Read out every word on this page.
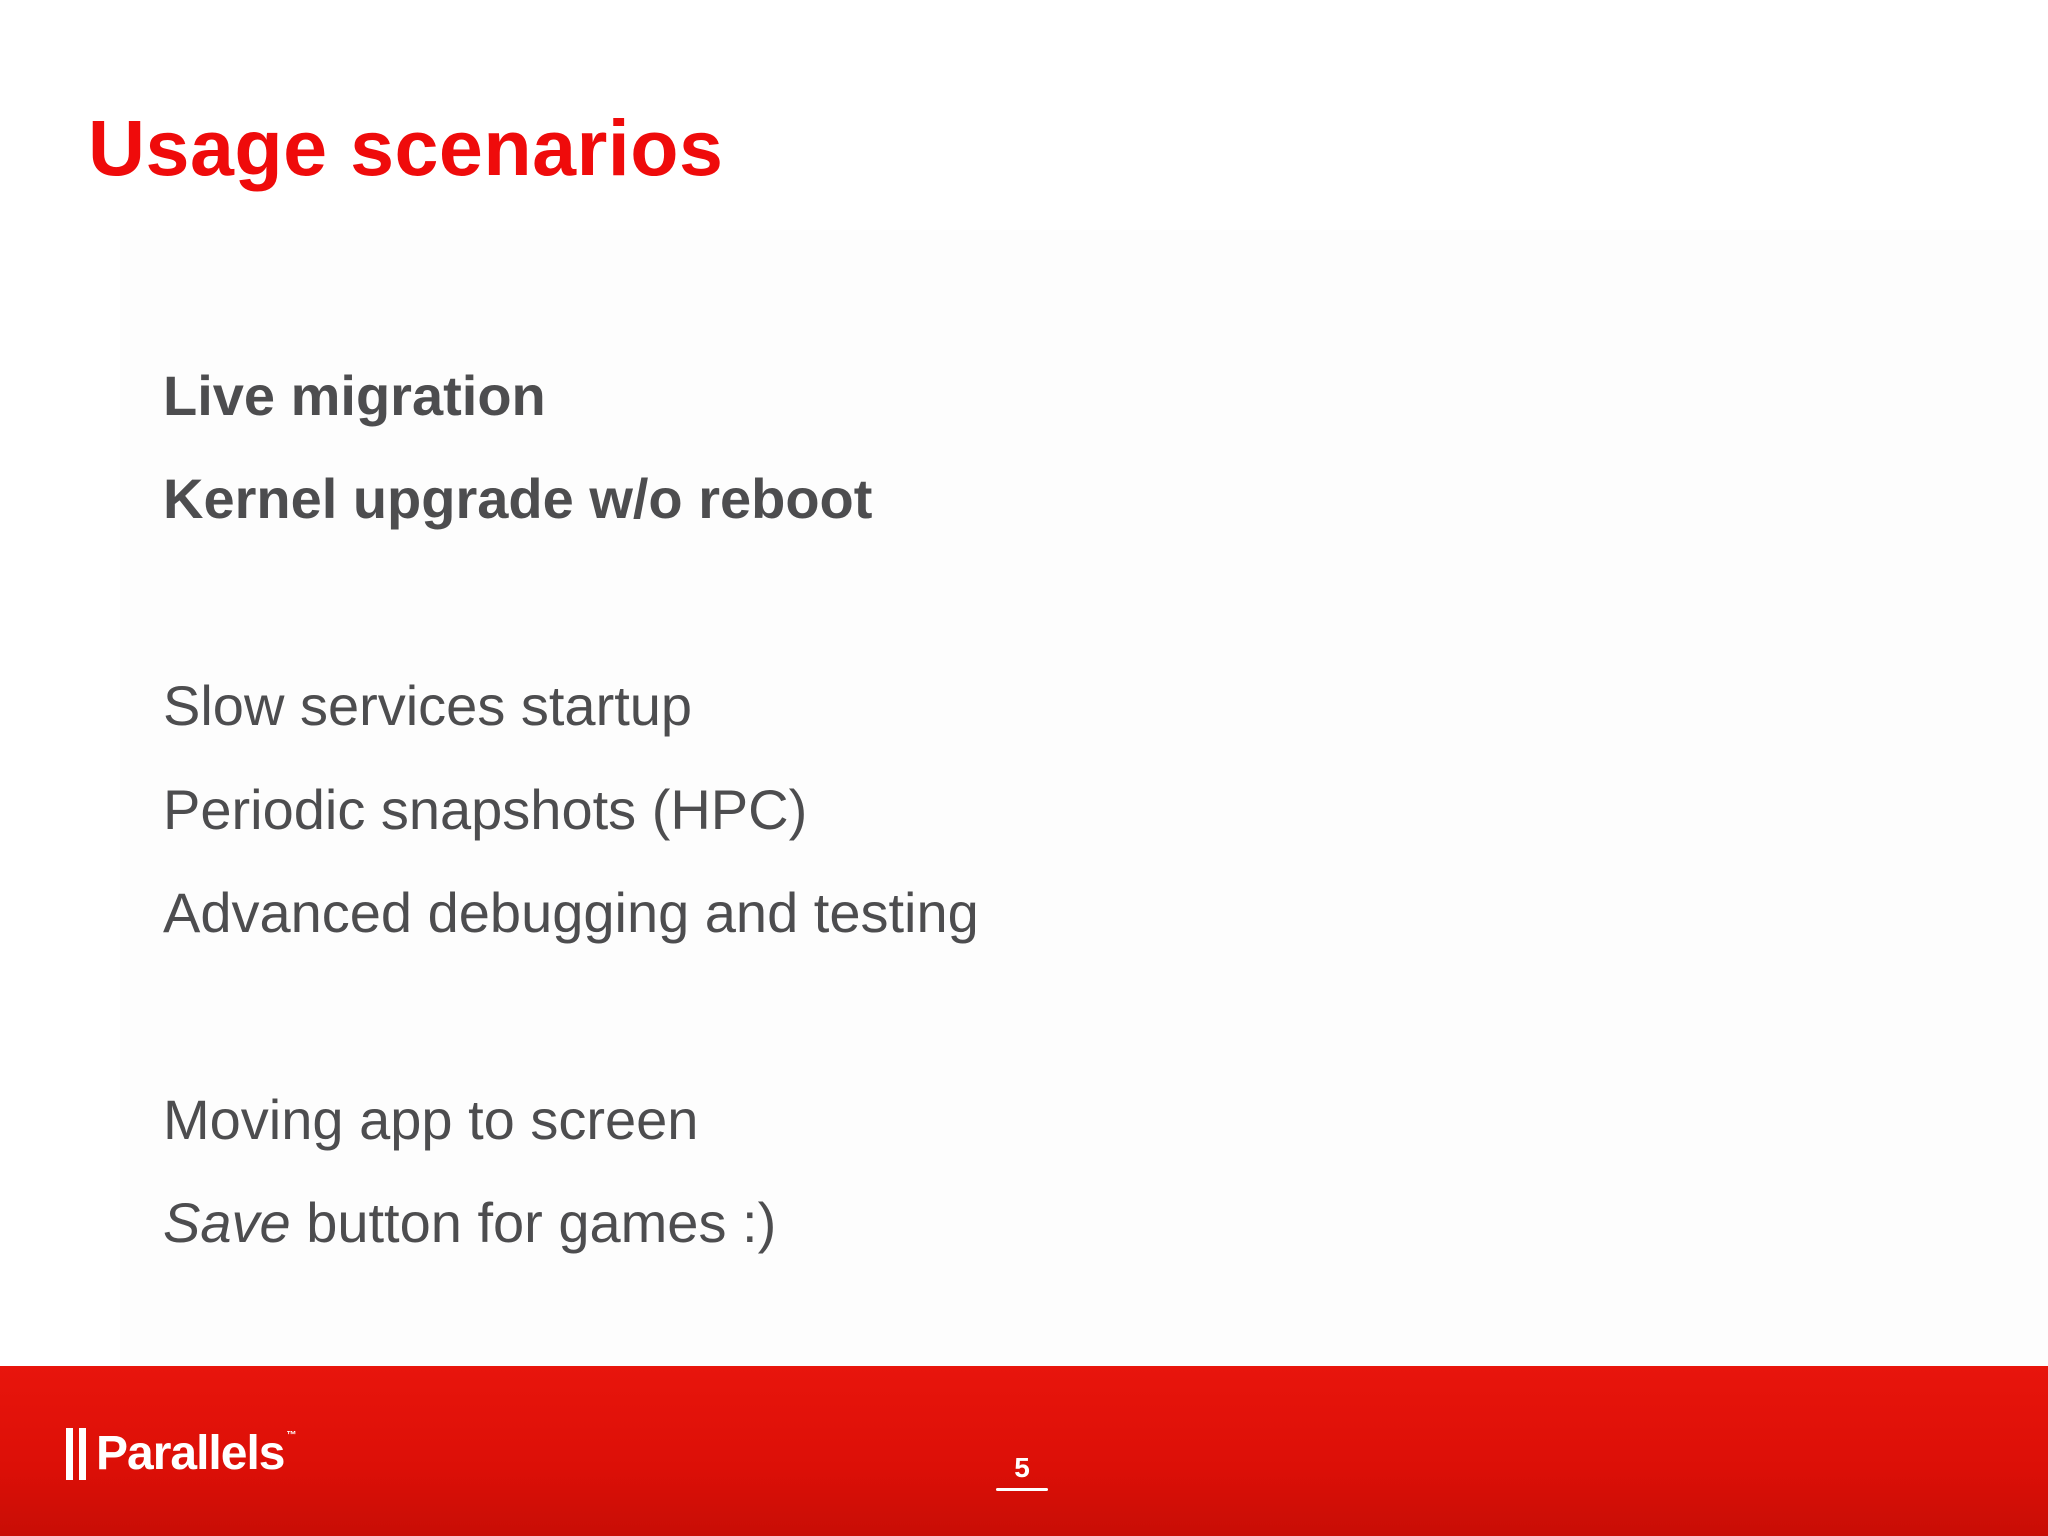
Usage scenarios

Live migration

Kernel upgrade w/o reboot

Slow services startup

Periodic snapshots (HPC)

Advanced debugging and testing

Moving app to screen

Save button for games :)

Parallels ™
5
